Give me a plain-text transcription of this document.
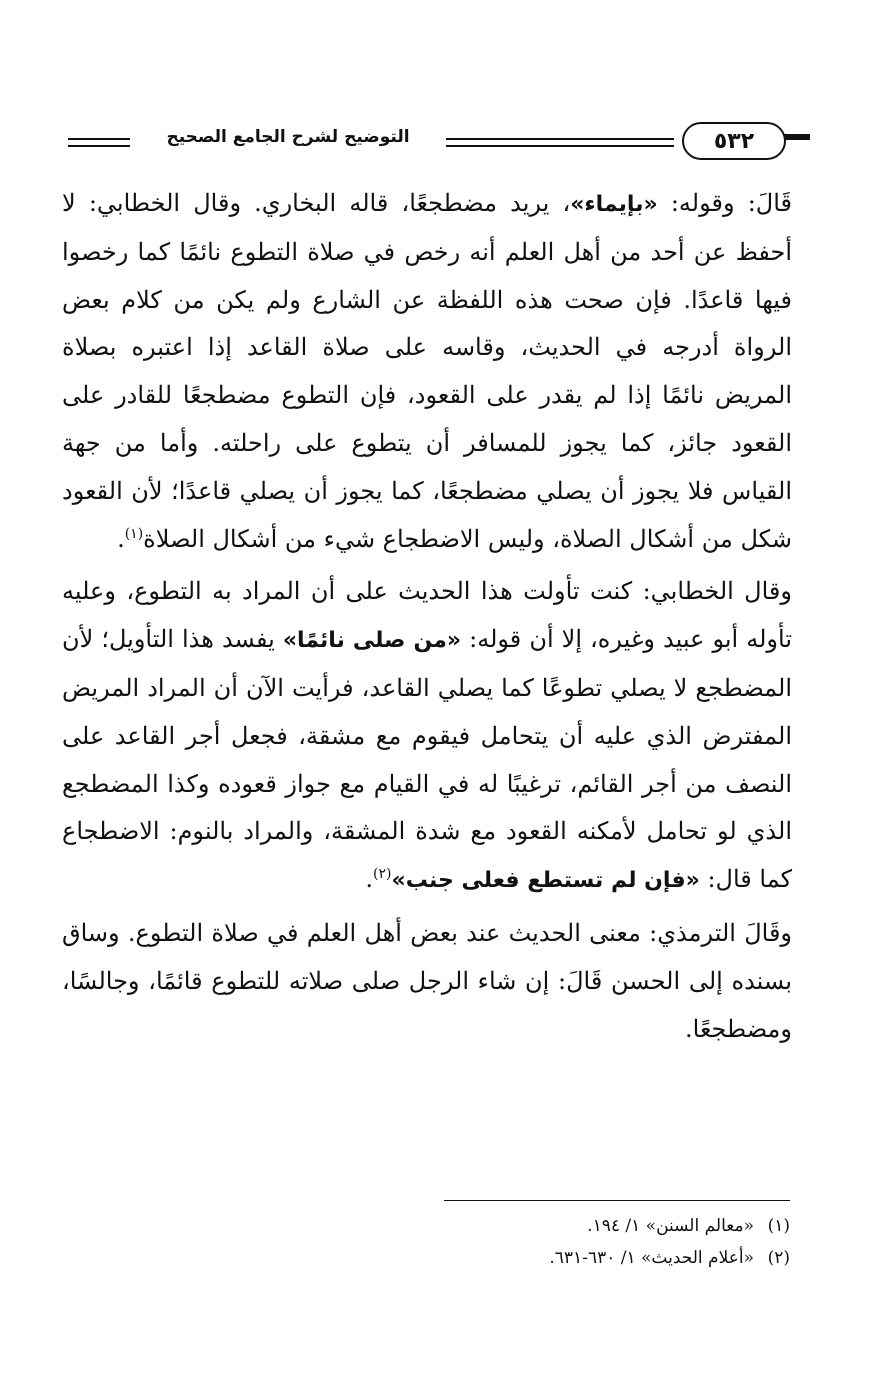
التوضيح لشرح الجامع الصحيح	٥٣٢

قَالَ: وقوله: «بإيماء»، يريد مضطجعًا، قاله البخاري. وقال الخطابي: لا أحفظ عن أحد من أهل العلم أنه رخص في صلاة التطوع نائمًا كما رخصوا فيها قاعدًا. فإن صحت هذه اللفظة عن الشارع ولم يكن من كلام بعض الرواة أدرجه في الحديث، وقاسه على صلاة القاعد إذا اعتبره بصلاة المريض نائمًا إذا لم يقدر على القعود، فإن التطوع مضطجعًا للقادر على القعود جائز، كما يجوز للمسافر أن يتطوع على راحلته. وأما من جهة القياس فلا يجوز أن يصلي مضطجعًا، كما يجوز أن يصلي قاعدًا؛ لأن القعود شكل من أشكال الصلاة، وليس الاضطجاع شيء من أشكال الصلاة$^{(١)}$.

وقال الخطابي: كنت تأولت هذا الحديث على أن المراد به التطوع، وعليه تأوله أبو عبيد وغيره، إلا أن قوله: «من صلى نائمًا» يفسد هذا التأويل؛ لأن المضطجع لا يصلي تطوعًا كما يصلي القاعد، فرأيت الآن أن المراد المريض المفترض الذي عليه أن يتحامل فيقوم مع مشقة، فجعل أجر القاعد على النصف من أجر القائم، ترغيبًا له في القيام مع جواز قعوده وكذا المضطجع الذي لو تحامل لأمكنه القعود مع شدة المشقة، والمراد بالنوم: الاضطجاع كما قال: «فإن لم تستطع فعلى جنب»$^{(٢)}$.

وقَالَ الترمذي: معنى الحديث عند بعض أهل العلم في صلاة التطوع. وساق بسنده إلى الحسن قَالَ: إن شاء الرجل صلى صلاته للتطوع قائمًا، وجالسًا، ومضطجعًا.

(١)«معالم السنن» ١/ ١٩٤.
(٢)«أعلام الحديث» ١/ ٦٣٠-٦٣١.
